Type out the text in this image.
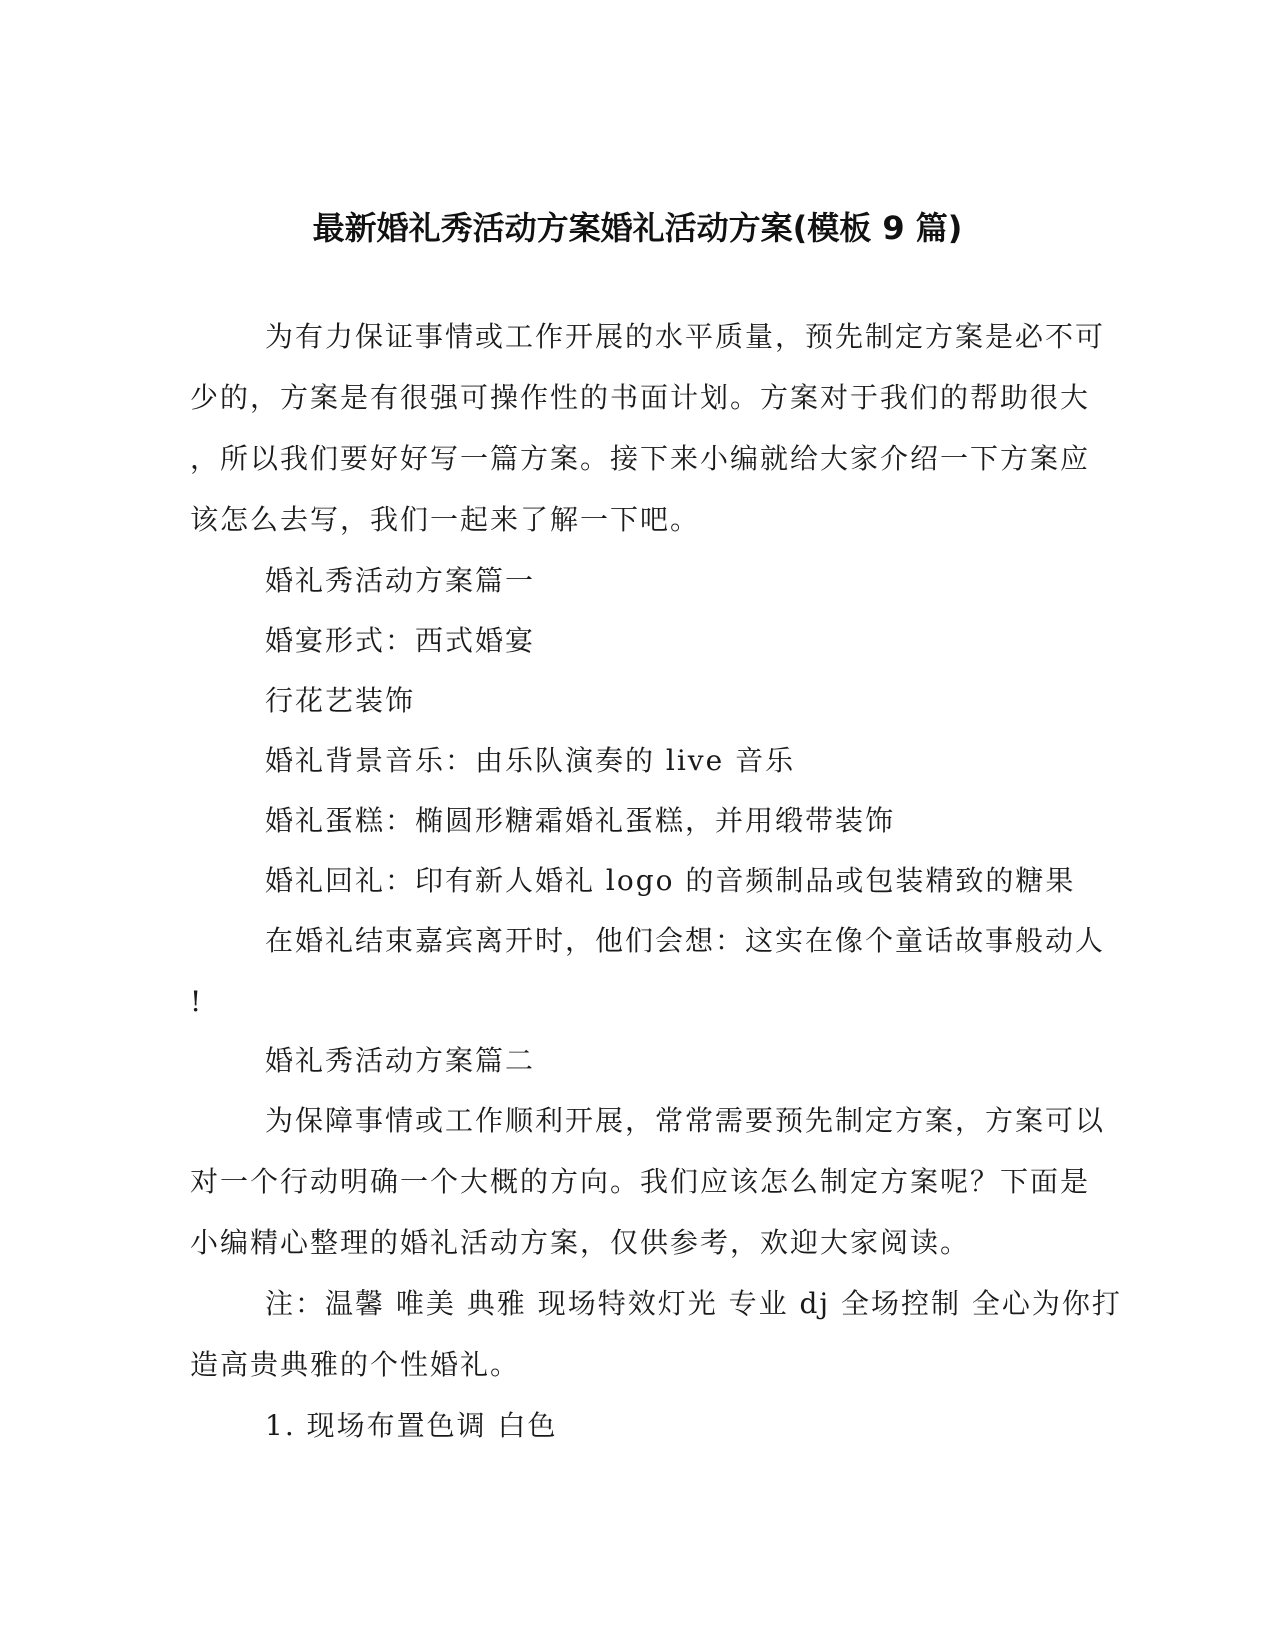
最新婚礼秀活动方案婚礼活动方案(模板 9 篇)
为有力保证事情或工作开展的水平质量，预先制定方案是必不可
少的，方案是有很强可操作性的书面计划。方案对于我们的帮助很大
，所以我们要好好写一篇方案。接下来小编就给大家介绍一下方案应
该怎么去写，我们一起来了解一下吧。
婚礼秀活动方案篇一
婚宴形式：西式婚宴
行花艺装饰
婚礼背景音乐：由乐队演奏的 live 音乐
婚礼蛋糕：椭圆形糖霜婚礼蛋糕，并用缎带装饰
婚礼回礼：印有新人婚礼 logo 的音频制品或包装精致的糖果
在婚礼结束嘉宾离开时，他们会想：这实在像个童话故事般动人
!
婚礼秀活动方案篇二
为保障事情或工作顺利开展，常常需要预先制定方案，方案可以
对一个行动明确一个大概的方向。我们应该怎么制定方案呢？下面是
小编精心整理的婚礼活动方案，仅供参考，欢迎大家阅读。
注：温馨 唯美 典雅 现场特效灯光 专业 dj 全场控制 全心为你打
造高贵典雅的个性婚礼。
1. 现场布置色调 白色
